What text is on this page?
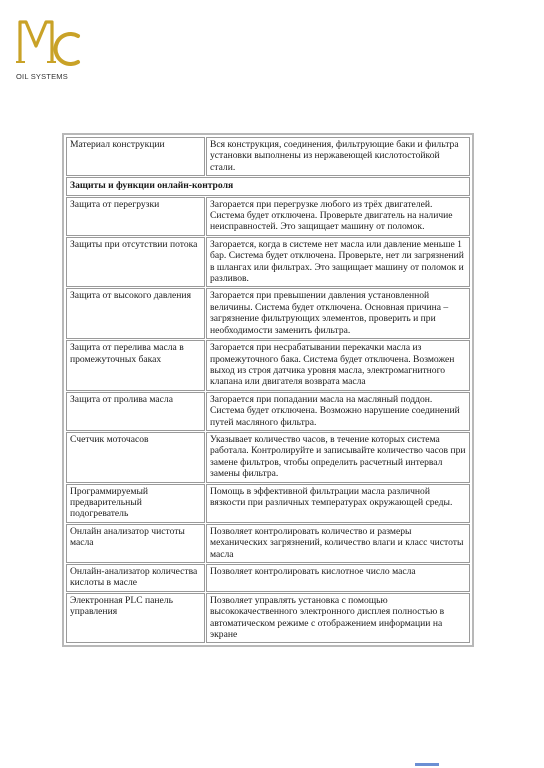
OIL SYSTEMS
Материал конструкции	Вся конструкция, соединения, фильтрующие баки и фильтра установки выполнены из нержавеющей кислотостойкой стали.
Защиты и функции онлайн-контроля	
Защита от перегрузки	Загорается при перегрузке любого из трёх двигателей. Система будет отключена. Проверьте двигатель на наличие неисправностей. Это защищает машину от поломок.
Защиты при отсутствии потока	Загорается, когда в системе нет масла или давление меньше 1 бар. Система будет отключена. Проверьте, нет ли загрязнений в шлангах или фильтрах. Это защищает машину от поломок и разливов.
Защита от высокого давления	Загорается при превышении давления установленной величины. Система будет отключена. Основная причина – загрязнение фильтрующих элементов, проверить и при необходимости заменить фильтра.
Защита от перелива масла в промежуточных баках	Загорается при несрабатывании перекачки масла из промежуточного бака. Система будет отключена. Возможен выход из строя датчика уровня масла, электромагнитного клапана или двигателя возврата масла
Защита от пролива масла	Загорается при попадании масла на масляный поддон. Система будет отключена. Возможно нарушение соединений путей масляного фильтра.
Счетчик моточасов	Указывает количество часов, в течение которых система работала. Контролируйте и записывайте количество часов при замене фильтров, чтобы определить расчетный интервал замены фильтра.
Программируемый предварительный подогреватель	Помощь в эффективной фильтрации масла различной вязкости при различных температурах окружающей среды.
Онлайн анализатор чистоты масла	Позволяет контролировать количество и размеры механических загрязнений, количество влаги и класс чистоты масла
Онлайн-анализатор количества кислоты в масле	Позволяет контролировать кислотное число масла
Электронная PLC панель управления	Позволяет управлять установка с помощью высококачественного электронного дисплея полностью в автоматическом режиме с отображением информации на экране
